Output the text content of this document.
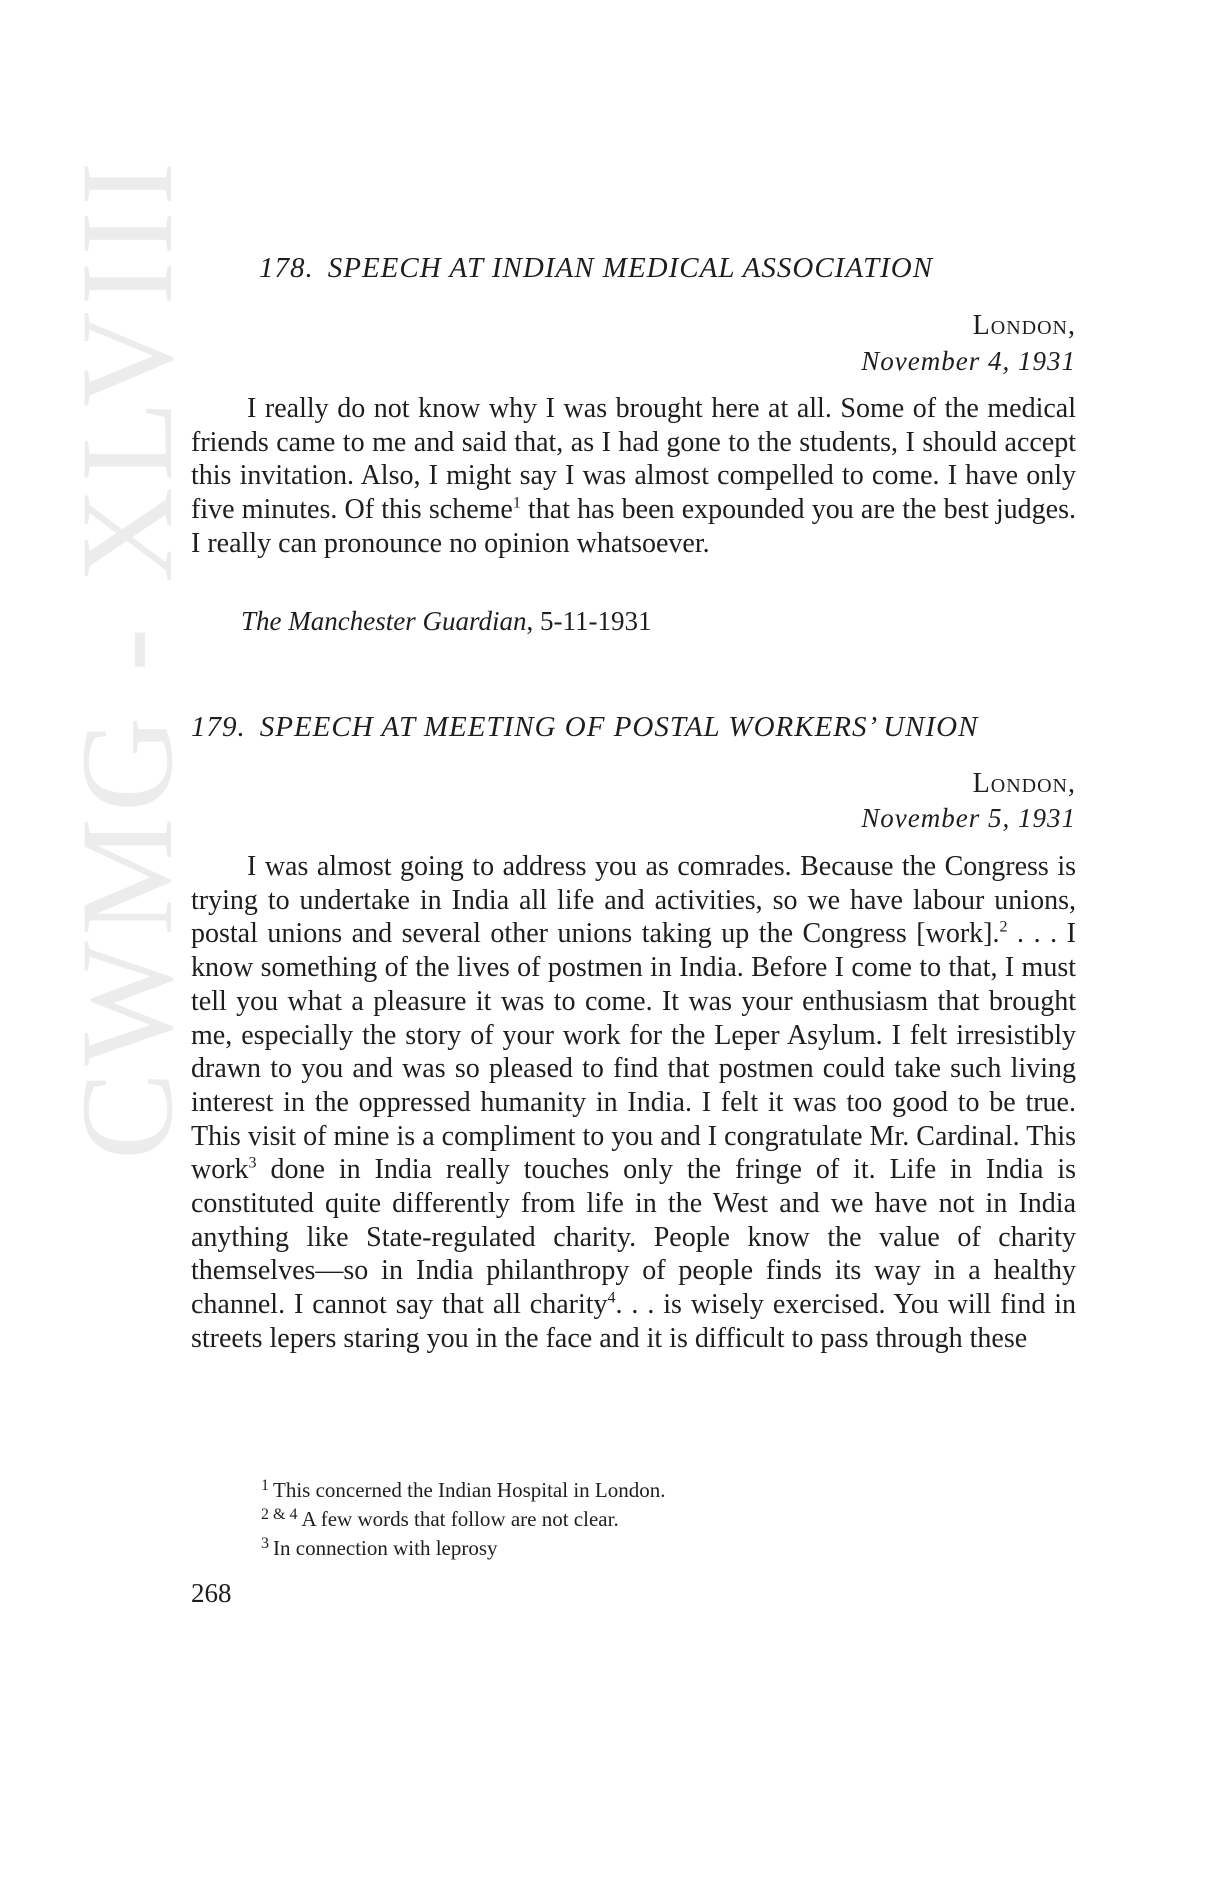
CWMG - XLVIII 178. SPEECH AT INDIAN MEDICAL ASSOCIATION
London,
November 4, 1931

I really do not know why I was brought here at all. Some of the medical friends came to me and said that, as I had gone to the students, I should accept this invitation. Also, I might say I was almost compelled to come. I have only five minutes. Of this scheme$^1$ that has been expounded you are the best judges. I really can pronounce no opinion whatsoever.

The Manchester Guardian, 5-11-1931
179. SPEECH AT MEETING OF POSTAL WORKERS’ UNION
London,
November 5, 1931

I was almost going to address you as comrades. Because the Congress is trying to undertake in India all life and activities, so we have labour unions, postal unions and several other unions taking up the Congress [work].$^2$ . . . I know something of the lives of postmen in India. Before I come to that, I must tell you what a pleasure it was to come. It was your enthusiasm that brought me, especially the story of your work for the Leper Asylum. I felt irresistibly drawn to you and was so pleased to find that postmen could take such living interest in the oppressed humanity in India. I felt it was too good to be true. This visit of mine is a compliment to you and I congratulate Mr. Cardinal. This work$^3$ done in India really touches only the fringe of it. Life in India is constituted quite differently from life in the West and we have not in India anything like State-regulated charity. People know the value of charity themselves—so in India philanthropy of people finds its way in a healthy channel. I cannot say that all charity$^4$. . . is wisely exercised. You will find in streets lepers staring you in the face and it is difficult to pass through these

$^1$ This concerned the Indian Hospital in London.
$^{2 \& 4}$ A few words that follow are not clear.
$^3$ In connection with leprosy
268
